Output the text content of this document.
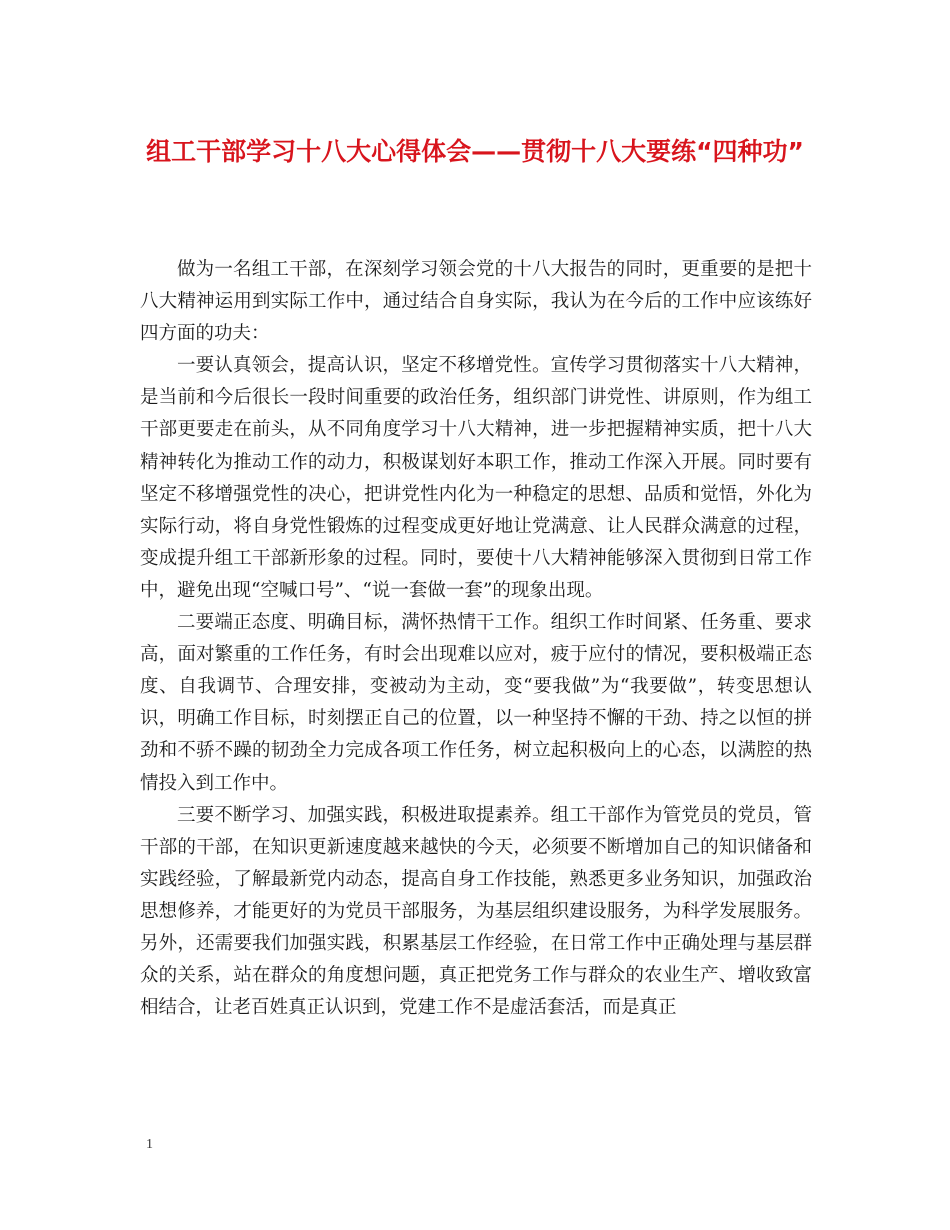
组工干部学习十八大心得体会——贯彻十八大要练“四种功”

做为一名组工干部，在深刻学习领会党的十八大报告的同时，更重要的是把十八大精神运用到实际工作中，通过结合自身实际，我认为在今后的工作中应该练好四方面的功夫：

一要认真领会，提高认识，坚定不移增党性。宣传学习贯彻落实十八大精神，是当前和今后很长一段时间重要的政治任务，组织部门讲党性、讲原则，作为组工干部更要走在前头，从不同角度学习十八大精神，进一步把握精神实质，把十八大精神转化为推动工作的动力，积极谋划好本职工作，推动工作深入开展。同时要有坚定不移增强党性的决心，把讲党性内化为一种稳定的思想、品质和觉悟，外化为实际行动，将自身党性锻炼的过程变成更好地让党满意、让人民群众满意的过程，变成提升组工干部新形象的过程。同时，要使十八大精神能够深入贯彻到日常工作中，避免出现“空喊口号”、“说一套做一套”的现象出现。

二要端正态度、明确目标，满怀热情干工作。组织工作时间紧、任务重、要求高，面对繁重的工作任务，有时会出现难以应对，疲于应付的情况，要积极端正态度、自我调节、合理安排，变被动为主动，变“要我做”为“我要做”，转变思想认识，明确工作目标，时刻摆正自己的位置，以一种坚持不懈的干劲、持之以恒的拼劲和不骄不躁的韧劲全力完成各项工作任务，树立起积极向上的心态，以满腔的热情投入到工作中。

三要不断学习、加强实践，积极进取提素养。组工干部作为管党员的党员，管干部的干部，在知识更新速度越来越快的今天，必须要不断增加自己的知识储备和实践经验，了解最新党内动态，提高自身工作技能，熟悉更多业务知识，加强政治思想修养，才能更好的为党员干部服务，为基层组织建设服务，为科学发展服务。另外，还需要我们加强实践，积累基层工作经验，在日常工作中正确处理与基层群众的关系，站在群众的角度想问题，真正把党务工作与群众的农业生产、增收致富相结合，让老百姓真正认识到，党建工作不是虚活套活，而是真正

1
